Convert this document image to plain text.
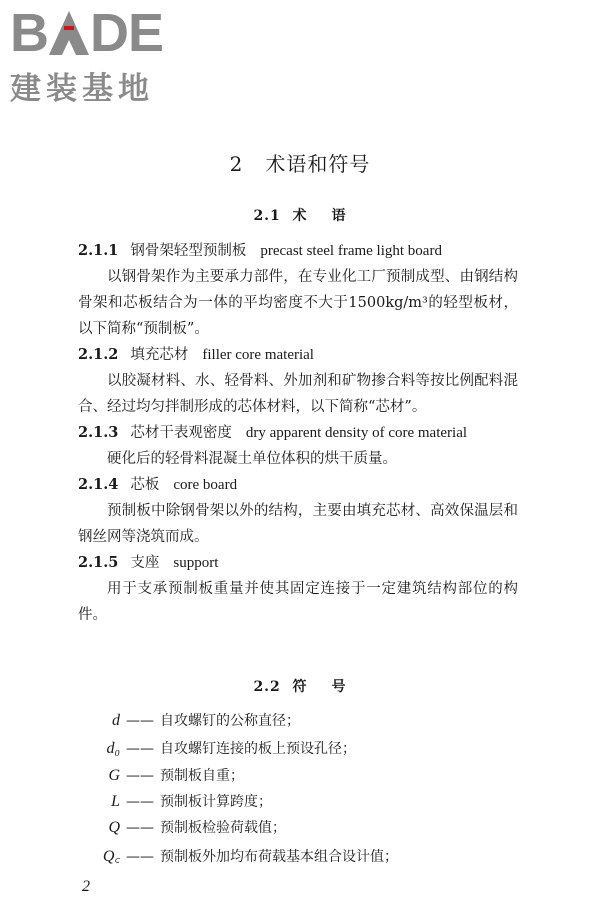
B DE
建装基地
2 术语和符号
2.1 术 语
2.1.1 钢骨架轻型预制板 precast steel frame light board

以钢骨架作为主要承力部件，在专业化工厂预制成型、由钢结构骨架和芯板结合为一体的平均密度不大于1500kg/m³的轻型板材，以下简称“预制板”。

2.1.2 填充芯材 filler core material

以胶凝材料、水、轻骨料、外加剂和矿物掺合料等按比例配料混合、经过均匀拌制形成的芯体材料，以下简称“芯材”。

2.1.3 芯材干表观密度 dry apparent density of core material

硬化后的轻骨料混凝土单位体积的烘干质量。

2.1.4 芯板 core board

预制板中除钢骨架以外的结构，主要由填充芯材、高效保温层和钢丝网等浇筑而成。

2.1.5 支座 support

用于支承预制板重量并使其固定连接于一定建筑结构部位的构件。

2.2 符 号
d —— 自攻螺钉的公称直径；
d₀ —— 自攻螺钉连接的板上预设孔径；
G —— 预制板自重；
L —— 预制板计算跨度；
Q —— 预制板检验荷载值；
Q꜀ —— 预制板外加均布荷载基本组合设计值；
2
